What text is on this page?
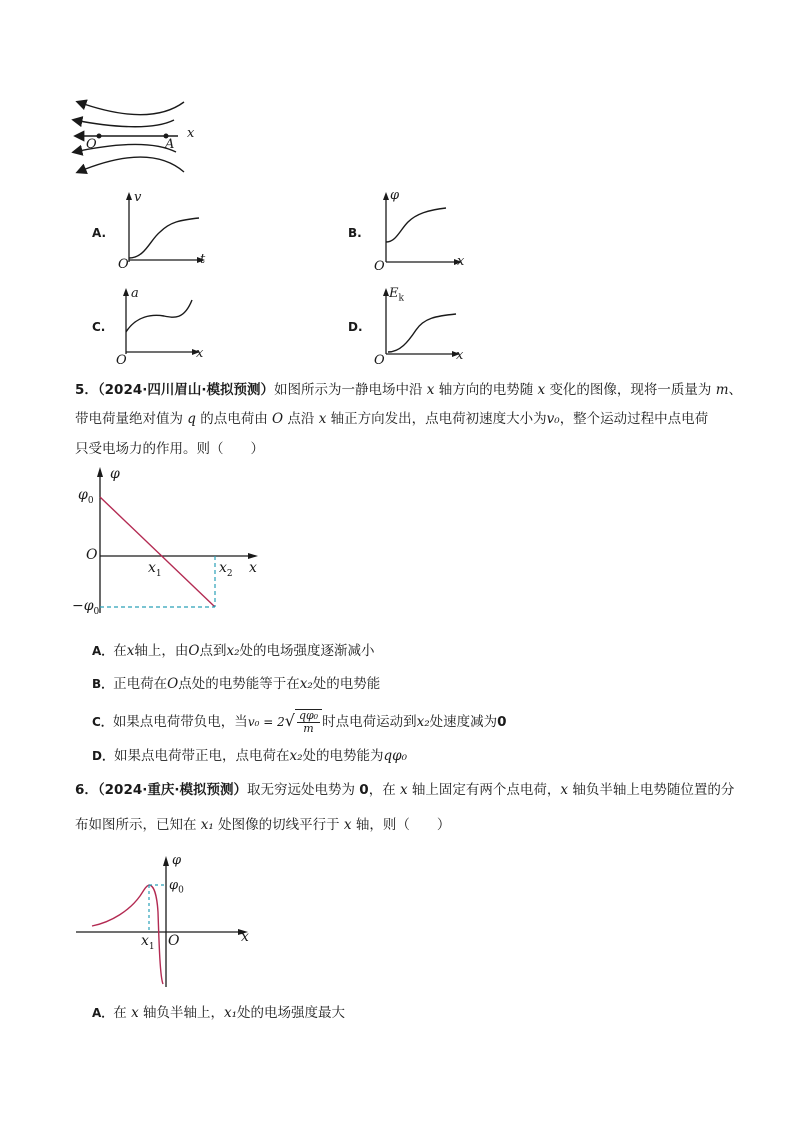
x
O	A
A.
v
t
O
B.
φ
x
O
C.
a
x
O
D.
$E_k$
x
O
5．（2024·四川眉山·模拟预测）如图所示为一静电场中沿 x 轴方向的电势随 x 变化的图像，现将一质量为 m、
带电荷量绝对值为 q 的点电荷由 O 点沿 x 轴正方向发出，点电荷初速度大小为v₀，整个运动过程中点电荷
只受电场力的作用。则（　　）
φ
$\varphi_0$
O
$x_1$	$x_2$ x
$-\varphi_0$
A．在x轴上，由O点到x₂处的电场强度逐渐减小
B．正电荷在O点处的电势能等于在x₂处的电势能
C．如果点电荷带负电，当$v_0 = 2√ \frac{\text{qφ₀}}{m}$ 时点电荷运动到x₂处速度减为0
D．如果点电荷带正电，点电荷在x₂处的电势能为qφ₀
6．（2024·重庆·模拟预测）取无穷远处电势为 0，在 x 轴上固定有两个点电荷，x 轴负半轴上电势随位置的分
布如图所示，已知在 x₁ 处图像的切线平行于 x 轴，则（　　）
φ
$\varphi_0$
$x_1$ O	x
A．在 x 轴负半轴上，x₁处的电场强度最大
